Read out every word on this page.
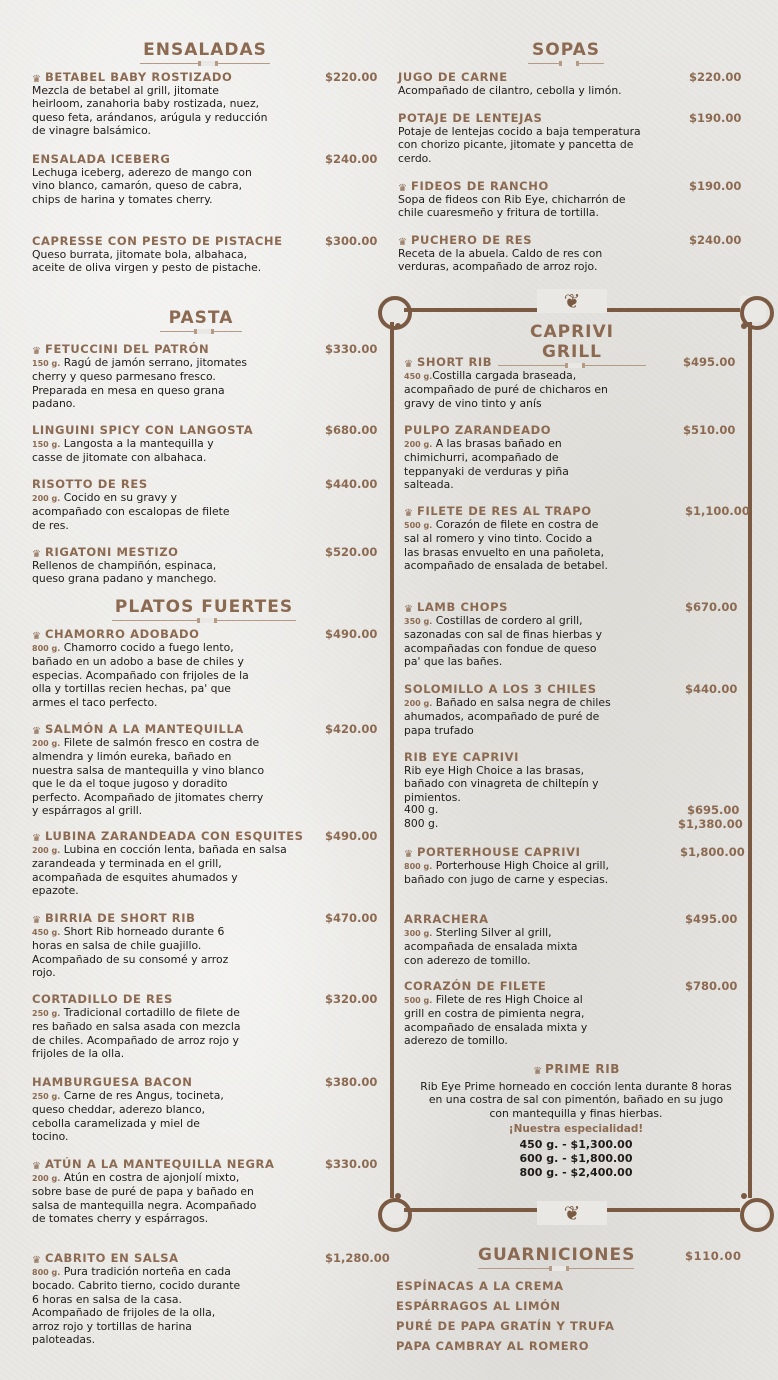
ENSALADAS
♛ BETABEL BABY ROSTIZADO	$220.00
Mezcla de betabel al grill, jitomate heirloom, zanahoria baby rostizada, nuez, queso feta, arándanos, arúgula y reducción de vinagre balsámico.
ENSALADA ICEBERG	$240.00
Lechuga iceberg, aderezo de mango con vino blanco, camarón, queso de cabra, chips de harina y tomates cherry.
CAPRESSE CON PESTO DE PISTACHE	$300.00
Queso burrata, jitomate bola, albahaca, aceite de oliva virgen y pesto de pistache.
PASTA
♛ FETUCCINI DEL PATRÓN	$330.00
150 g. Ragú de jamón serrano, jitomates cherry y queso parmesano fresco. Preparada en mesa en queso grana padano.
LINGUINI SPICY CON LANGOSTA	$680.00
150 g. Langosta a la mantequilla y casse de jitomate con albahaca.
RISOTTO DE RES	$440.00
200 g. Cocido en su gravy y acompañado con escalopas de filete de res.
♛ RIGATONI MESTIZO	$520.00
Rellenos de champiñón, espinaca, queso grana padano y manchego.
PLATOS FUERTES
♛ CHAMORRO ADOBADO	$490.00
800 g. Chamorro cocido a fuego lento, bañado en un adobo a base de chiles y especias. Acompañado con frijoles de la olla y tortillas recien hechas, pa' que armes el taco perfecto.
♛ SALMÓN A LA MANTEQUILLA	$420.00
200 g. Filete de salmón fresco en costra de almendra y limón eureka, bañado en nuestra salsa de mantequilla y vino blanco que le da el toque jugoso y doradito perfecto. Acompañado de jitomates cherry y espárragos al grill.
♛ LUBINA ZARANDEADA CON ESQUITES	$490.00
200 g. Lubina en cocción lenta, bañada en salsa zarandeada y terminada en el grill, acompañada de esquites ahumados y epazote.
♛ BIRRIA DE SHORT RIB	$470.00
450 g. Short Rib horneado durante 6 horas en salsa de chile guajillo. Acompañado de su consomé y arroz rojo.
CORTADILLO DE RES	$320.00
250 g. Tradicional cortadillo de filete de res bañado en salsa asada con mezcla de chiles. Acompañado de arroz rojo y frijoles de la olla.
HAMBURGUESA BACON	$380.00
250 g. Carne de res Angus, tocineta, queso cheddar, aderezo blanco, cebolla caramelizada y miel de tocino.
♛ ATÚN A LA MANTEQUILLA NEGRA	$330.00
200 g. Atún en costra de ajonjolí mixto, sobre base de puré de papa y bañado en salsa de mantequilla negra. Acompañado de tomates cherry y espárragos.
♛ CABRITO EN SALSA	$1,280.00
800 g. Pura tradición norteña en cada bocado. Cabrito tierno, cocido durante 6 horas en salsa de la casa. Acompañado de frijoles de la olla, arroz rojo y tortillas de harina paloteadas.
SOPAS
JUGO DE CARNE	$220.00
Acompañado de cilantro, cebolla y limón.
POTAJE DE LENTEJAS	$190.00
Potaje de lentejas cocido a baja temperatura con chorizo picante, jitomate y pancetta de cerdo.
♛ FIDEOS DE RANCHO	$190.00
Sopa de fideos con Rib Eye, chicharrón de chile cuaresmeño y fritura de tortilla.
♛ PUCHERO DE RES	$240.00
Receta de la abuela. Caldo de res con verduras, acompañado de arroz rojo.
❦
❦
CAPRIVI GRILL
♛ SHORT RIB	$495.00
450 g.Costilla cargada braseada, acompañado de puré de chicharos en gravy de vino tinto y anís
PULPO ZARANDEADO	$510.00
200 g. A las brasas bañado en chimichurri, acompañado de teppanyaki de verduras y piña salteada.
♛ FILETE DE RES AL TRAPO	$1,100.00
500 g. Corazón de filete en costra de sal al romero y vino tinto. Cocido a las brasas envuelto en una pañoleta, acompañado de ensalada de betabel.
♛ LAMB CHOPS	$670.00
350 g. Costillas de cordero al grill, sazonadas con sal de finas hierbas y acompañadas con fondue de queso pa' que las bañes.
SOLOMILLO A LOS 3 CHILES	$440.00
200 g. Bañado en salsa negra de chiles ahumados, acompañado de puré de papa trufado
RIB EYE CAPRIVI
Rib eye High Choice a las brasas, bañado con vinagreta de chiltepín y pimientos.
400 g.	$695.00
800 g.	$1,380.00
♛ PORTERHOUSE CAPRIVI	$1,800.00
800 g. Porterhouse High Choice al grill, bañado con jugo de carne y especias.
ARRACHERA	$495.00
300 g. Sterling Silver al grill, acompañada de ensalada mixta con aderezo de tomillo.
CORAZÓN DE FILETE	$780.00
500 g. Filete de res High Choice al grill en costra de pimienta negra, acompañado de ensalada mixta y aderezo de tomillo.
♛ PRIME RIB
Rib Eye Prime horneado en cocción lenta durante 8 horas en una costra de sal con pimentón, bañado en su jugo con mantequilla y finas hierbas.
¡Nuestra especialidad!
450 g. - $1,300.00
600 g. - $1,800.00
800 g. - $2,400.00
GUARNICIONES	$110.00
ESPÍNACAS A LA CREMA
ESPÁRRAGOS AL LIMÓN
PURÉ DE PAPA GRATÍN Y TRUFA
PAPA CAMBRAY AL ROMERO
